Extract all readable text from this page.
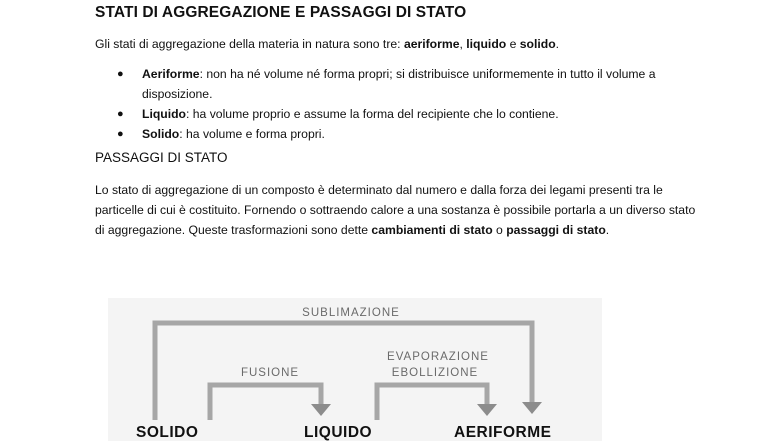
STATI DI AGGREGAZIONE E PASSAGGI DI STATO

Gli stati di aggregazione della materia in natura sono tre: aeriforme, liquido e solido.

● Aeriforme: non ha né volume né forma propri; si distribuisce uniformemente in tutto il volume a disposizione.
● Liquido: ha volume proprio e assume la forma del recipiente che lo contiene.
● Solido: ha volume e forma propri.
PASSAGGI DI STATO

Lo stato di aggregazione di un composto è determinato dal numero e dalla forza dei legami presenti tra le particelle di cui è costituito. Fornendo o sottraendo calore a una sostanza è possibile portarla a un diverso stato di aggregazione. Queste trasformazioni sono dette cambiamenti di stato o passaggi di stato.

SUBLIMAZIONE
FUSIONE
EVAPORAZIONE
EBOLLIZIONE
SOLIDO	LIQUIDO	AERIFORME
